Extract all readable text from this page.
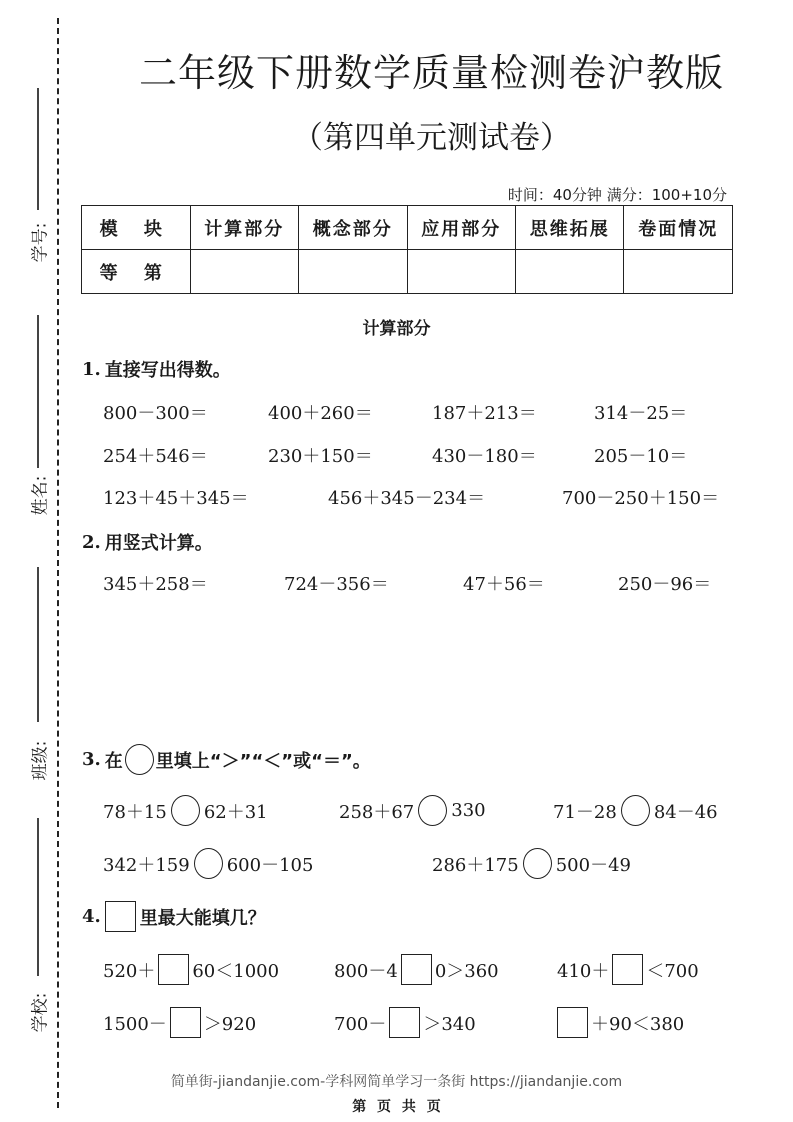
学号:
姓名:
班级:
学校:
二年级下册数学质量检测卷沪教版
（第四单元测试卷）
时间：40分钟 满分：100+10分
模 块	计算部分	概念部分	应用部分	思维拓展	卷面情况
等 第					
计算部分
1. 直接写出得数。
800－300＝	400＋260＝	187＋213＝	314－25＝
254＋546＝	230＋150＝	430－180＝	205－10＝
123＋45＋345＝	456＋345－234＝	700－250＋150＝
2. 用竖式计算。
345＋258＝	724－356＝	47＋56＝	250－96＝
3. 在 里填上“＞”“＜”或“＝”。
78＋15 62＋31	258＋67 330	71－28 84－46
342＋159 600－105	286＋175 500－49
4. 里最大能填几？
520＋ 60＜1000	800－4 0＞360	410＋ ＜700
1500－ ＞920	700－ ＞340	＋90＜380
简单街-jiandanjie.com-学科网简单学习一条街 https://jiandanjie.com
第 页 共 页
